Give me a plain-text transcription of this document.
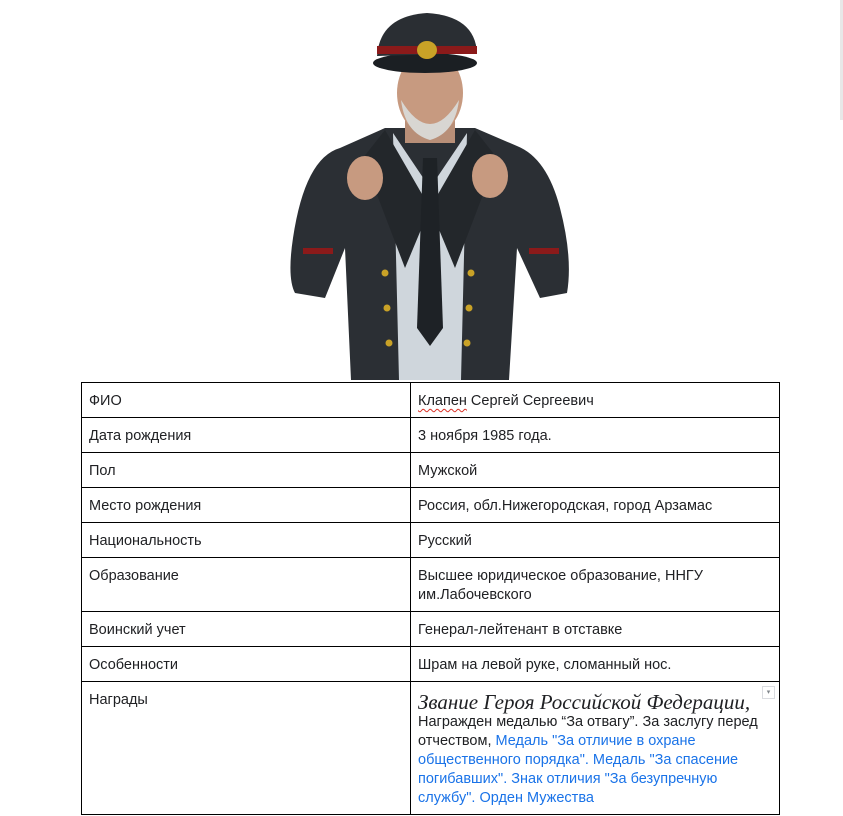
ФИО	Клапен Сергей Сергеевич
Дата рождения	3 ноября 1985 года.
Пол	Мужской
Место рождения	Россия, обл.Нижегородская, город Арзамас
Национальность	Русский
Образование	Высшее юридическое образование, ННГУ им.Лабочевского
Воинский учет	Генерал-лейтенант в отставке
Особенности	Шрам на левой руке, сломанный нос.
Награды	▾
Звание Героя Российской Федерации,
Награжден медалью “За отвагу”. За заслугу перед отчеством, Медаль "За отличие в охране общественного порядка". Медаль "За спасение погибавших". Знак отличия "За безупречную службу". Орден Мужества
